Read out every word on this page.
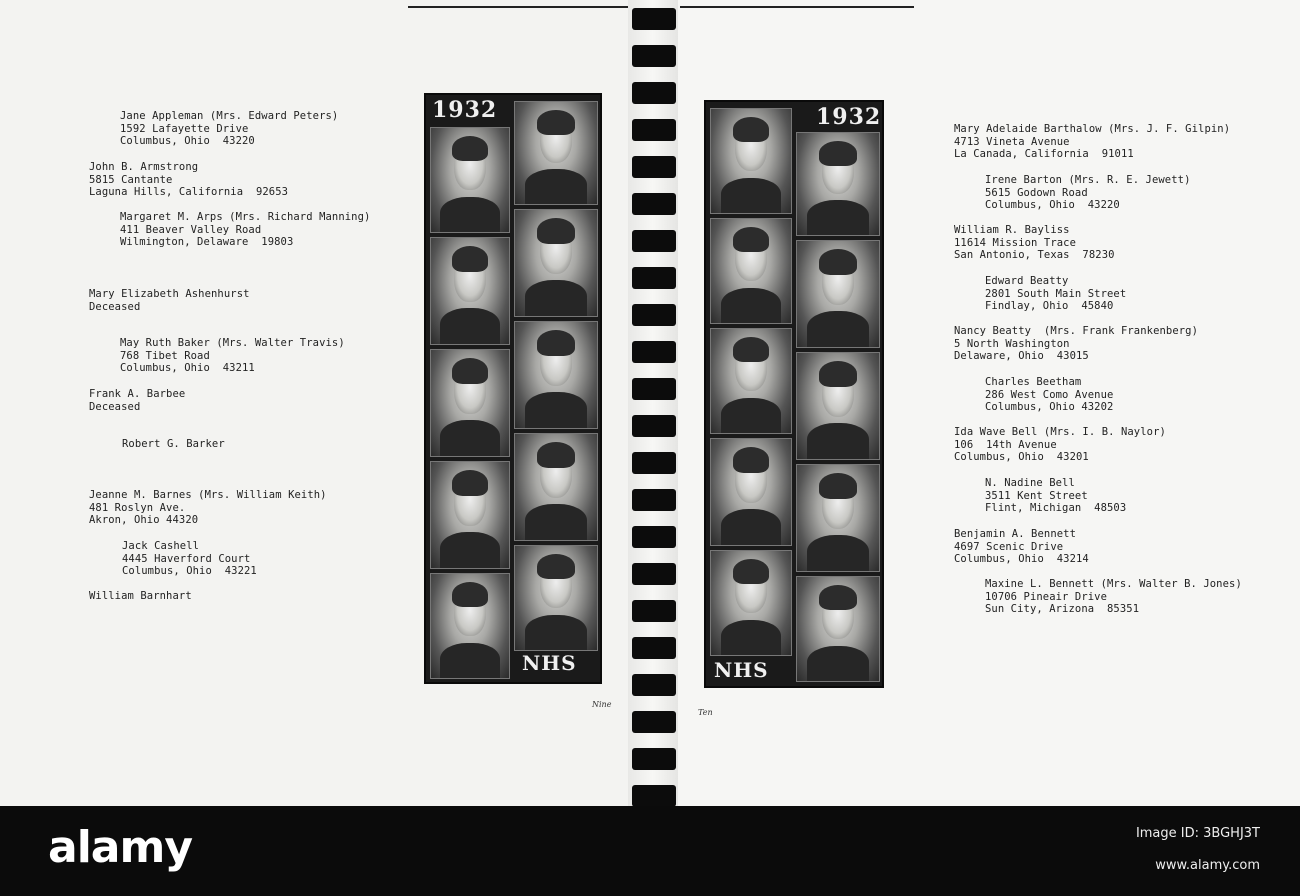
Jane Appleman (Mrs. Edward Peters)
1592 Lafayette Drive
Columbus, Ohio  43220
John B. Armstrong
5815 Cantante
Laguna Hills, California  92653
Margaret M. Arps (Mrs. Richard Manning)
411 Beaver Valley Road
Wilmington, Delaware  19803
Mary Elizabeth Ashenhurst
Deceased
May Ruth Baker (Mrs. Walter Travis)
768 Tibet Road
Columbus, Ohio  43211
Frank A. Barbee
Deceased
Robert G. Barker
Jeanne M. Barnes (Mrs. William Keith)
481 Roslyn Ave.
Akron, Ohio 44320
Jack Cashell
4445 Haverford Court
Columbus, Ohio  43221
William Barnhart
1932
NHS
Nine
1932
NHS
Ten
Mary Adelaide Barthalow (Mrs. J. F. Gilpin)
4713 Vineta Avenue
La Canada, California  91011
Irene Barton (Mrs. R. E. Jewett)
5615 Godown Road
Columbus, Ohio  43220
William R. Bayliss
11614 Mission Trace
San Antonio, Texas  78230
Edward Beatty
2801 South Main Street
Findlay, Ohio  45840
Nancy Beatty  (Mrs. Frank Frankenberg)
5 North Washington
Delaware, Ohio  43015
Charles Beetham
286 West Como Avenue
Columbus, Ohio 43202
Ida Wave Bell (Mrs. I. B. Naylor)
106  14th Avenue
Columbus, Ohio  43201
N. Nadine Bell
3511 Kent Street
Flint, Michigan  48503
Benjamin A. Bennett
4697 Scenic Drive
Columbus, Ohio  43214
Maxine L. Bennett (Mrs. Walter B. Jones)
10706 Pineair Drive
Sun City, Arizona  85351
alamy	Image ID: 3BGHJ3T
www.alamy.com
